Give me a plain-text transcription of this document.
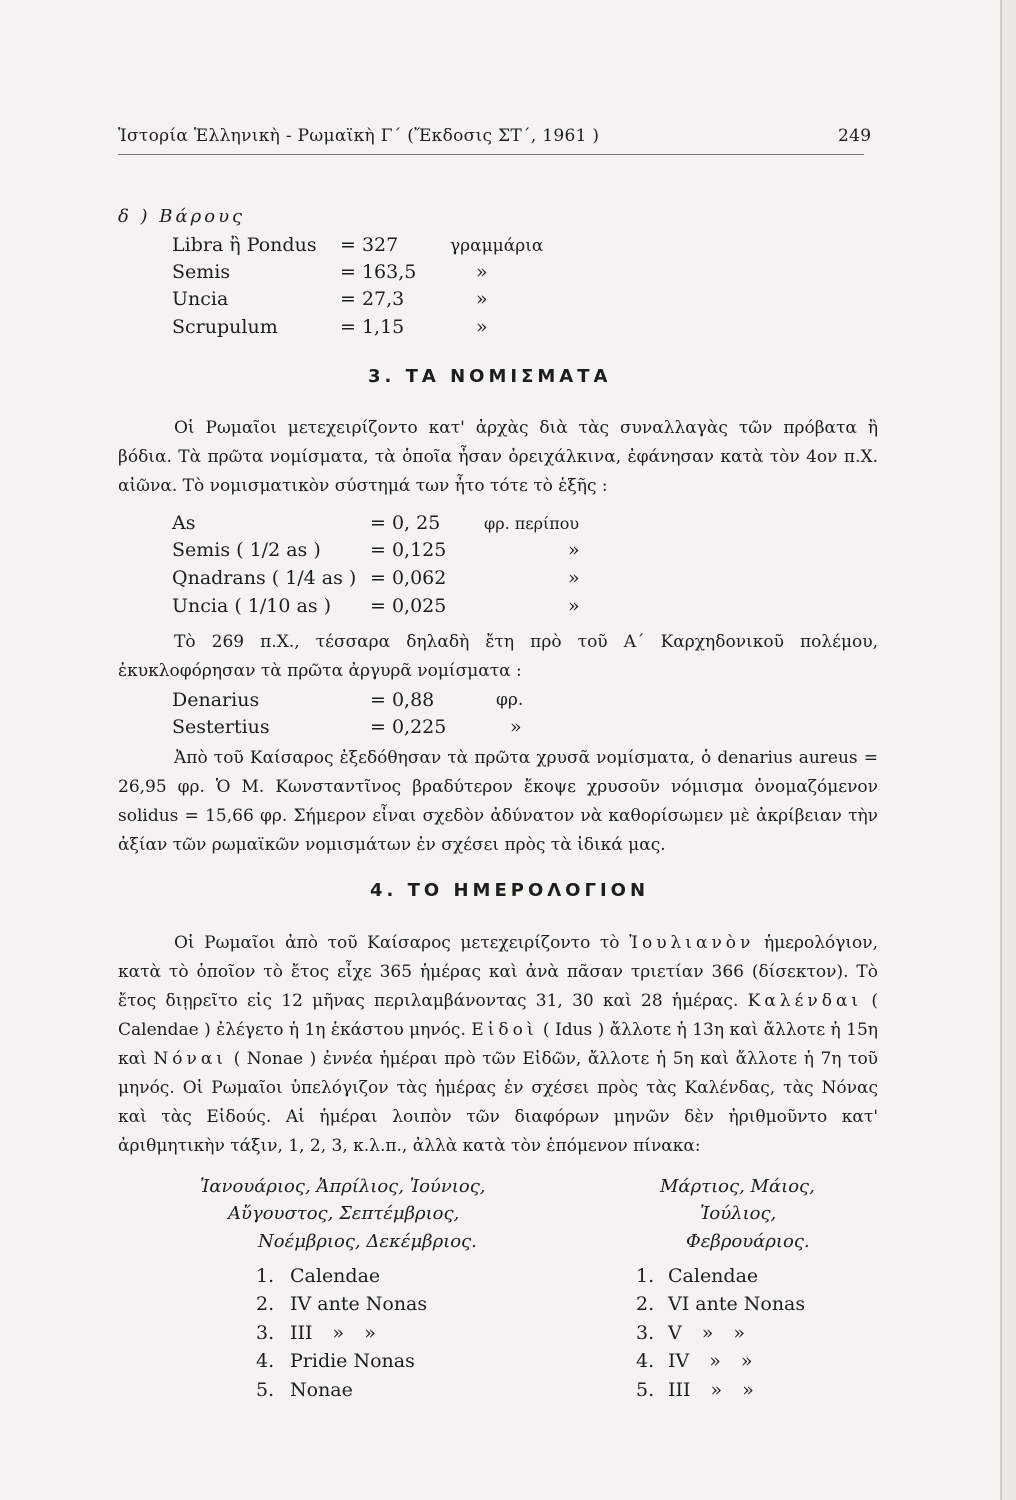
Ἱστορία Ἑλληνικὴ - Ρωμαϊκὴ Γ΄ (Ἔκδοσις ΣΤ΄, 1961 )	249
δ ) Βάρους
Libra ἢ Pondus = 327	γραμμάρια
Semis	= 163,5	»
Uncia	= 27,3	»
Scrupulum	= 1,15	»
3. ΤΑ ΝΟΜΙΣΜΑΤΑ
Οἱ Ρωμαῖοι μετεχειρίζοντο κατ' ἀρχὰς διὰ τὰς συναλλαγὰς τῶν πρόβατα ἢ βόδια. Τὰ πρῶτα νομίσματα, τὰ ὁποῖα ἦσαν ὀρειχάλκινα, ἐφάνησαν κατὰ τὸν 4ον π.Χ. αἰῶνα. Τὸ νομισματικὸν σύστημά των ἦτο τότε τὸ ἑξῆς :
As	= 0, 25	φρ. περίπου
Semis ( 1/2 as )	= 0,125	»
Qnadrans ( 1/4 as ) = 0,062	»
Uncia ( 1/10 as ) = 0,025	»
Τὸ 269 π.Χ., τέσσαρα δηλαδὴ ἔτη πρὸ τοῦ Α΄ Καρχηδονικοῦ πολέμου, ἐκυκλοφόρησαν τὰ πρῶτα ἀργυρᾶ νομίσματα :
Denarius	= 0,88	φρ.
Sestertius	= 0,225	»
Ἀπὸ τοῦ Καίσαρος ἐξεδόθησαν τὰ πρῶτα χρυσᾶ νομίσματα, ὁ denarius aureus = 26,95 φρ. Ὁ Μ. Κωνσταντῖνος βραδύτερον ἔκοψε χρυσοῦν νόμισμα ὀνομαζόμενον solidus = 15,66 φρ. Σήμερον εἶναι σχεδὸν ἀδύνατον νὰ καθορίσωμεν μὲ ἀκρίβειαν τὴν ἀξίαν τῶν ρωμαϊκῶν νομισμάτων ἐν σχέσει πρὸς τὰ ἰδικά μας.
4. ΤΟ ΗΜΕΡΟΛΟΓΙΟΝ
Οἱ Ρωμαῖοι ἀπὸ τοῦ Καίσαρος μετεχειρίζοντο τὸ Ἰουλιανὸν ἡμερολόγιον, κατὰ τὸ ὁποῖον τὸ ἔτος εἶχε 365 ἡμέρας καὶ ἀνὰ πᾶσαν τριετίαν 366 (δίσεκτον). Τὸ ἔτος διῃρεῖτο εἰς 12 μῆνας περιλαμβάνοντας 31, 30 καὶ 28 ἡμέρας. Καλένδαι ( Calendae ) ἐλέγετο ἡ 1η ἑκάστου μηνός. Εἰδοὶ ( Idus ) ἄλλοτε ἡ 13η καὶ ἄλλοτε ἡ 15η καὶ Νόναι ( Nonae ) ἐννέα ἡμέραι πρὸ τῶν Εἰδῶν, ἄλλοτε ἡ 5η καὶ ἄλλοτε ἡ 7η τοῦ μηνός. Οἱ Ρωμαῖοι ὑπελόγιζον τὰς ἡμέρας ἐν σχέσει πρὸς τὰς Καλένδας, τὰς Νόνας καὶ τὰς Εἰδούς. Αἱ ἡμέραι λοιπὸν τῶν διαφόρων μηνῶν δὲν ἠριθμοῦντο κατ' ἀριθμητικὴν τάξιν, 1, 2, 3, κ.λ.π., ἀλλὰ κατὰ τὸν ἑπόμενον πίνακα:
Ἰανουάριος, Ἀπρίλιος, Ἰούνιος,
Αὔγουστος, Σεπτέμβριος,
Νοέμβριος, Δεκέμβριος.
Μάρτιος, Μάιος,
Ἰούλιος,
Φεβρουάριος.
1. Calendae
2. IV ante Nonas
3. III » »
4. Pridie Nonas
5. Nonae
1. Calendae
2. VI ante Nonas
3. V » »
4. IV » »
5. III » »
